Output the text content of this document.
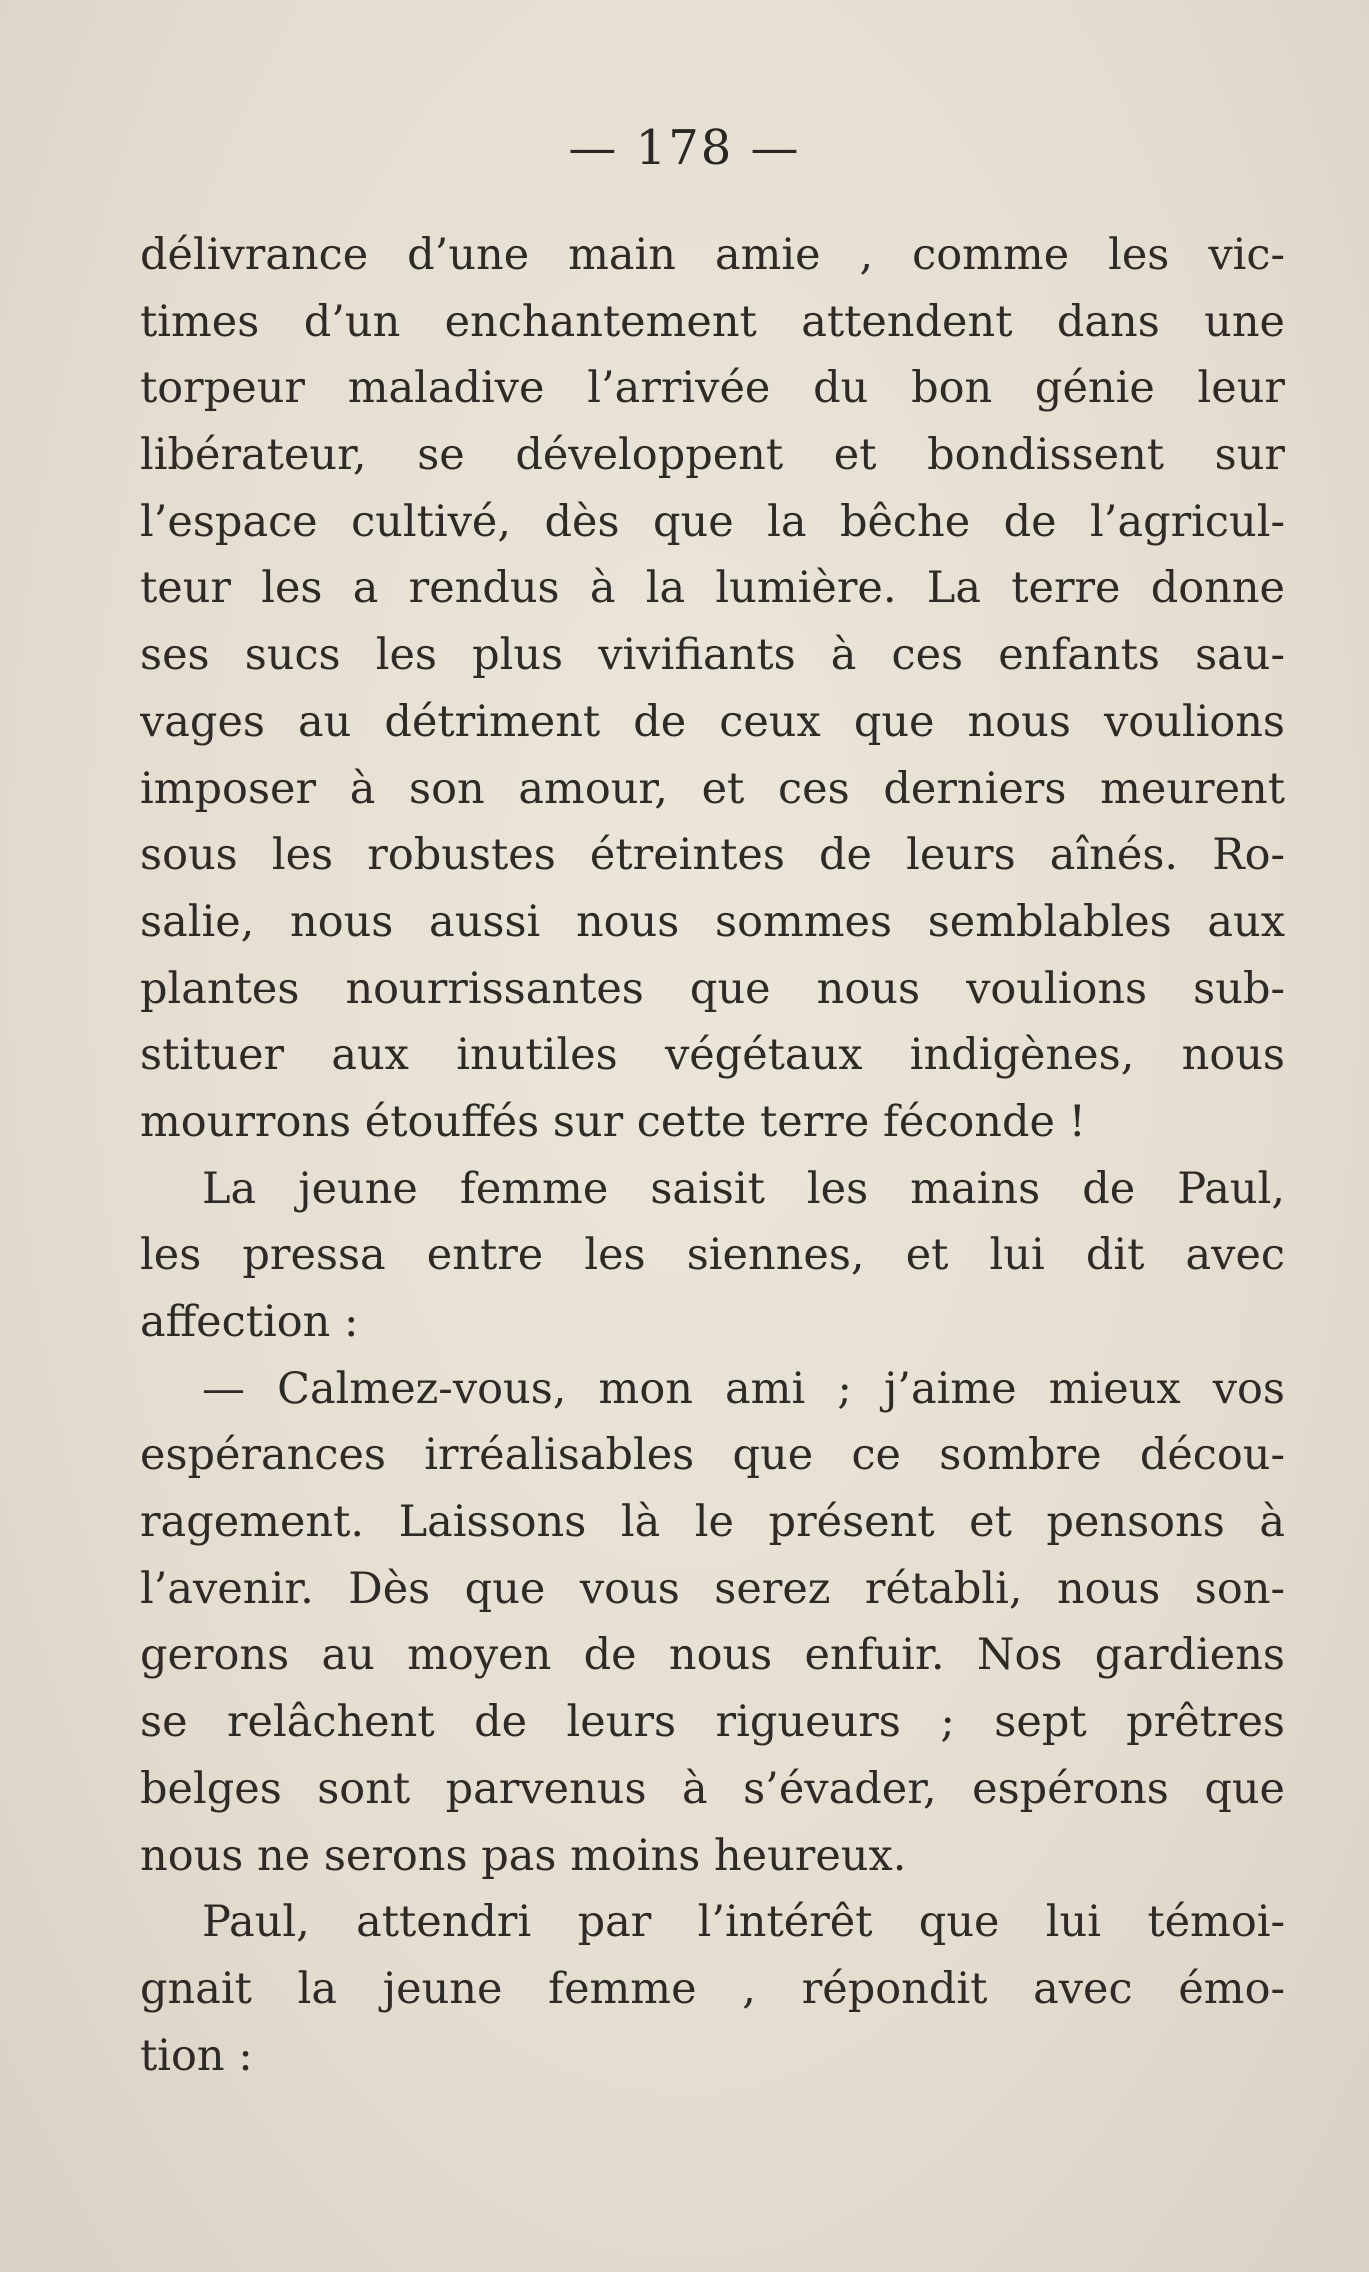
— 178 —
délivrance d’une main amie , comme les vic-
times d’un enchantement attendent dans une
torpeur maladive l’arrivée du bon génie leur
libérateur, se développent et bondissent sur
l’espace cultivé, dès que la bêche de l’agricul-
teur les a rendus à la lumière. La terre donne
ses sucs les plus vivifiants à ces enfants sau-
vages au détriment de ceux que nous voulions
imposer à son amour, et ces derniers meurent
sous les robustes étreintes de leurs aînés. Ro-
salie, nous aussi nous sommes semblables aux
plantes nourrissantes que nous voulions sub-
stituer aux inutiles végétaux indigènes, nous
mourrons étouffés sur cette terre féconde !
La jeune femme saisit les mains de Paul,
les pressa entre les siennes, et lui dit avec
affection :
— Calmez-vous, mon ami ; j’aime mieux vos
espérances irréalisables que ce sombre décou-
ragement. Laissons là le présent et pensons à
l’avenir. Dès que vous serez rétabli, nous son-
gerons au moyen de nous enfuir. Nos gardiens
se relâchent de leurs rigueurs ; sept prêtres
belges sont parvenus à s’évader, espérons que
nous ne serons pas moins heureux.
Paul, attendri par l’intérêt que lui témoi-
gnait la jeune femme , répondit avec émo-
tion :
